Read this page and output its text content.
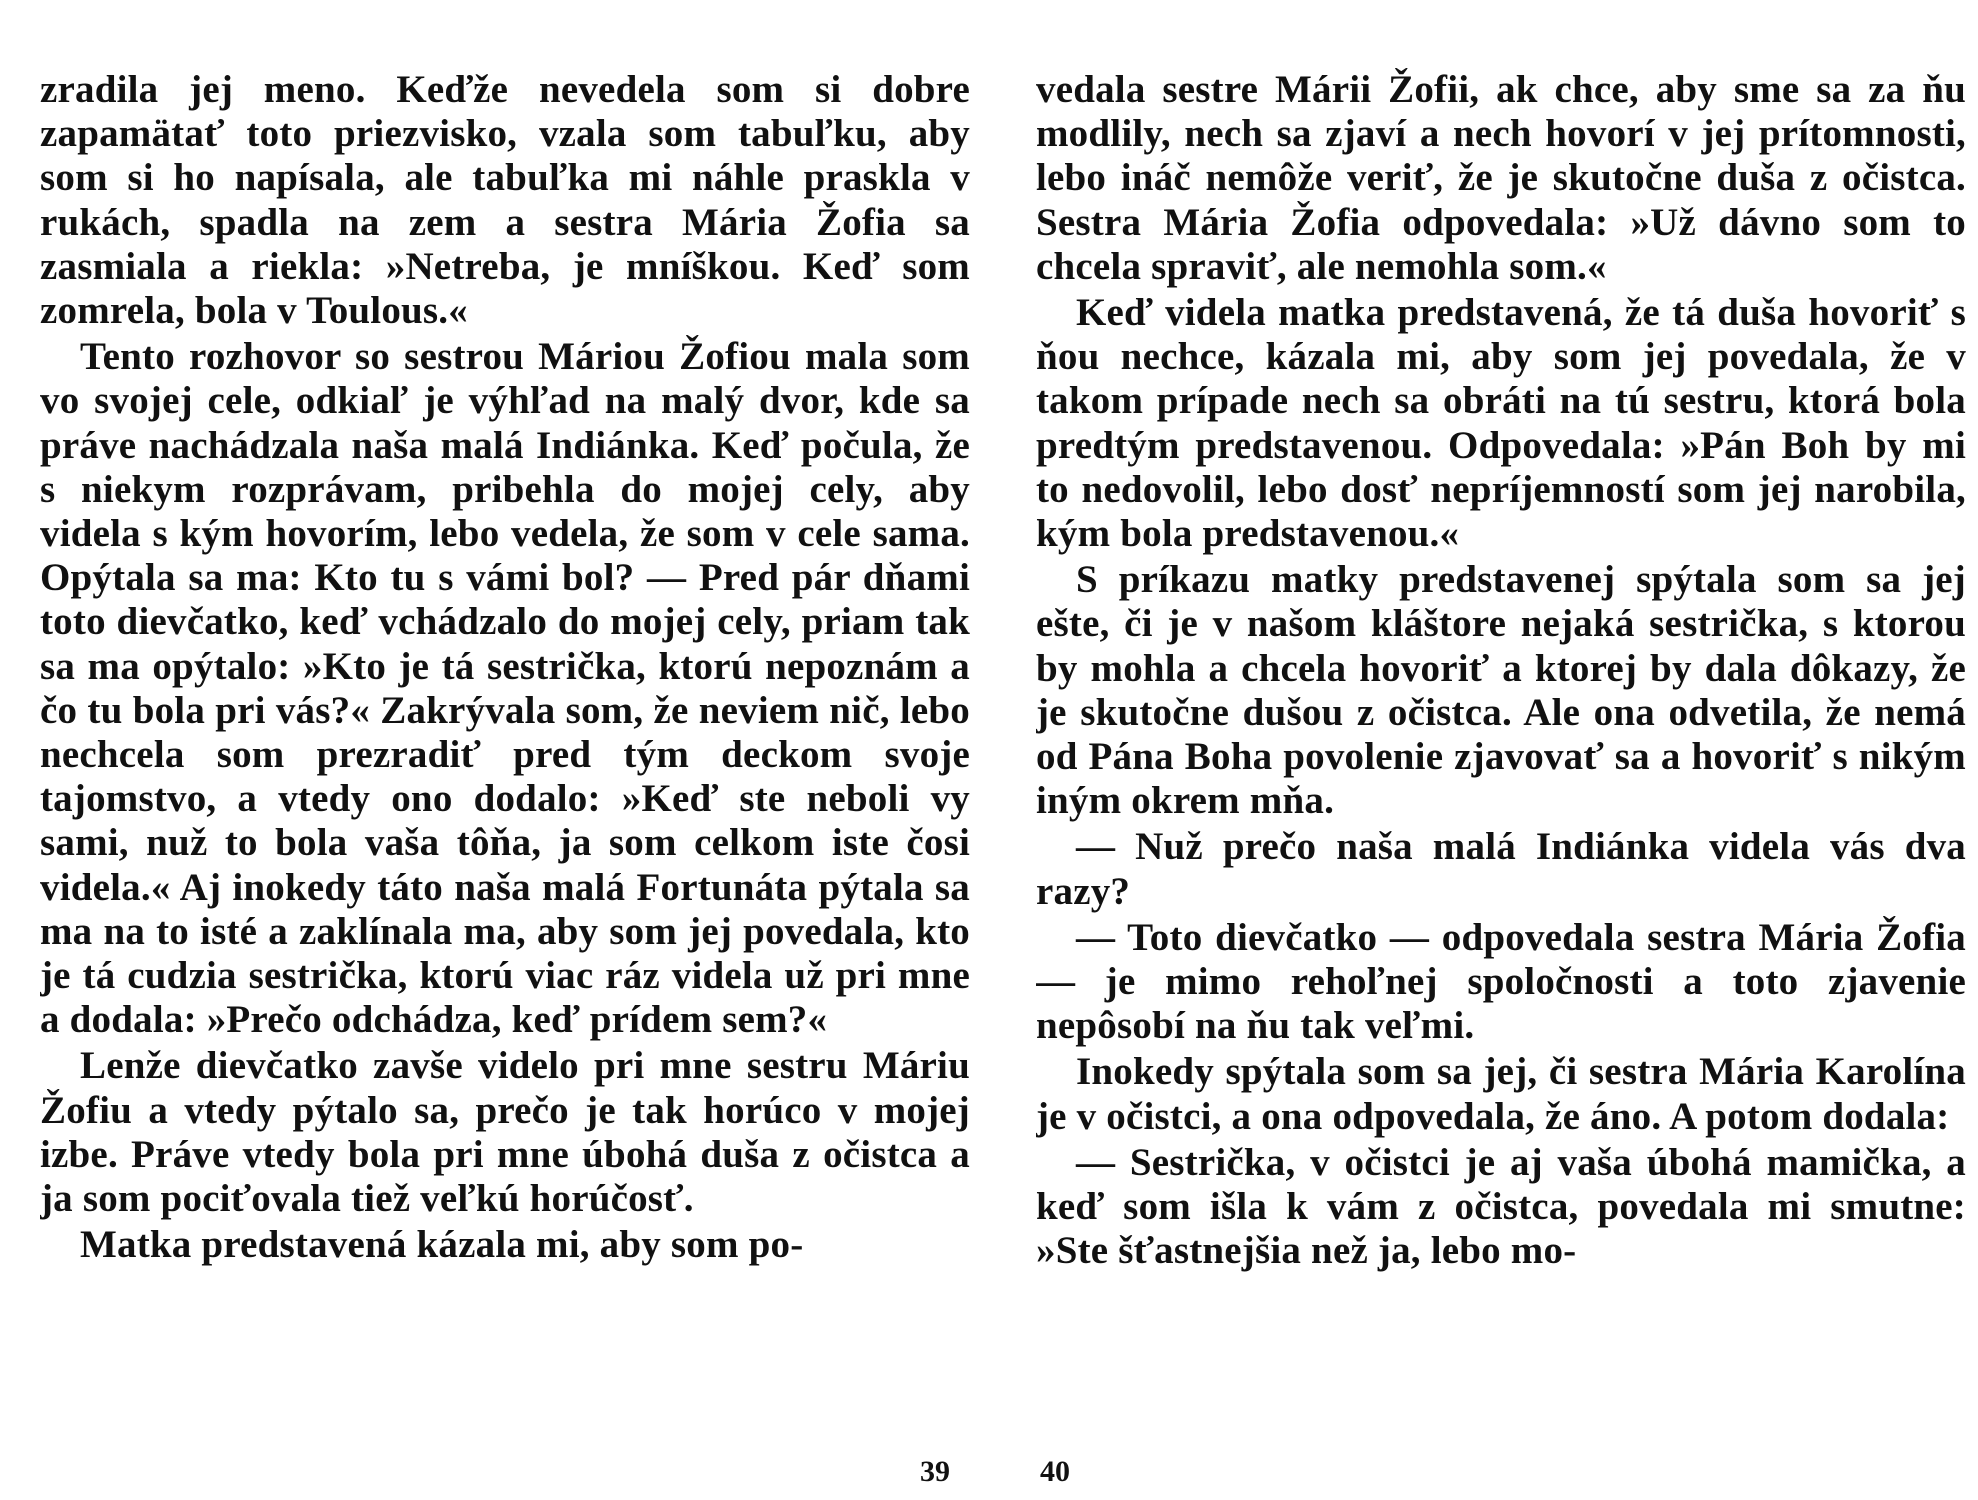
zradila jej meno. Keďže nevedela som si dobre zapamätať toto priezvisko, vzala som tabuľku, aby som si ho napísala, ale tabuľka mi náhle praskla v rukách, spadla na zem a sestra Mária Žofia sa zasmiala a riekla: »Netreba, je mníškou. Keď som zomrela, bola v Toulous.«

Tento rozhovor so sestrou Máriou Žofiou mala som vo svojej cele, odkiaľ je výhľad na malý dvor, kde sa práve nachádzala naša malá Indiánka. Keď počula, že s niekym rozprávam, pribehla do mojej cely, aby videla s kým hovorím, lebo vedela, že som v cele sama. Opýtala sa ma: Kto tu s vámi bol? — Pred pár dňami toto dievčatko, keď vchádzalo do mojej cely, priam tak sa ma opýtalo: »Kto je tá sestrička, ktorú nepoznám a čo tu bola pri vás?« Zakrývala som, že neviem nič, lebo nechcela som prezradiť pred tým deckom svoje tajomstvo, a vtedy ono dodalo: »Keď ste neboli vy sami, nuž to bola vaša tôňa, ja som celkom iste čosi videla.« Aj inokedy táto naša malá Fortunáta pýtala sa ma na to isté a zaklínala ma, aby som jej povedala, kto je tá cudzia sestrička, ktorú viac ráz videla už pri mne a dodala: »Prečo odchádza, keď prídem sem?«

Lenže dievčatko zavše videlo pri mne sestru Máriu Žofiu a vtedy pýtalo sa, prečo je tak horúco v mojej izbe. Práve vtedy bola pri mne úbohá duša z očistca a ja som pociťovala tiež veľkú horúčosť.

Matka predstavená kázala mi, aby som po-

vedala sestre Márii Žofii, ak chce, aby sme sa za ňu modlily, nech sa zjaví a nech hovorí v jej prítomnosti, lebo ináč nemôže veriť, že je skutočne duša z očistca. Sestra Mária Žofia odpovedala: »Už dávno som to chcela spraviť, ale nemohla som.«

Keď videla matka predstavená, že tá duša hovoriť s ňou nechce, kázala mi, aby som jej povedala, že v takom prípade nech sa obráti na tú sestru, ktorá bola predtým predstavenou. Odpovedala: »Pán Boh by mi to nedovolil, lebo dosť nepríjemností som jej narobila, kým bola predstavenou.«

S príkazu matky predstavenej spýtala som sa jej ešte, či je v našom kláštore nejaká sestrička, s ktorou by mohla a chcela hovoriť a ktorej by dala dôkazy, že je skutočne dušou z očistca. Ale ona odvetila, že nemá od Pána Boha povolenie zjavovať sa a hovoriť s nikým iným okrem mňa.

— Nuž prečo naša malá Indiánka videla vás dva razy?

— Toto dievčatko — odpovedala sestra Mária Žofia — je mimo rehoľnej spoločnosti a toto zjavenie nepôsobí na ňu tak veľmi.

Inokedy spýtala som sa jej, či sestra Mária Karolína je v očistci, a ona odpovedala, že áno. A potom dodala:

— Sestrička, v očistci je aj vaša úbohá mamička, a keď som išla k vám z očistca, povedala mi smutne: »Ste šťastnejšia než ja, lebo mo-

39	40
